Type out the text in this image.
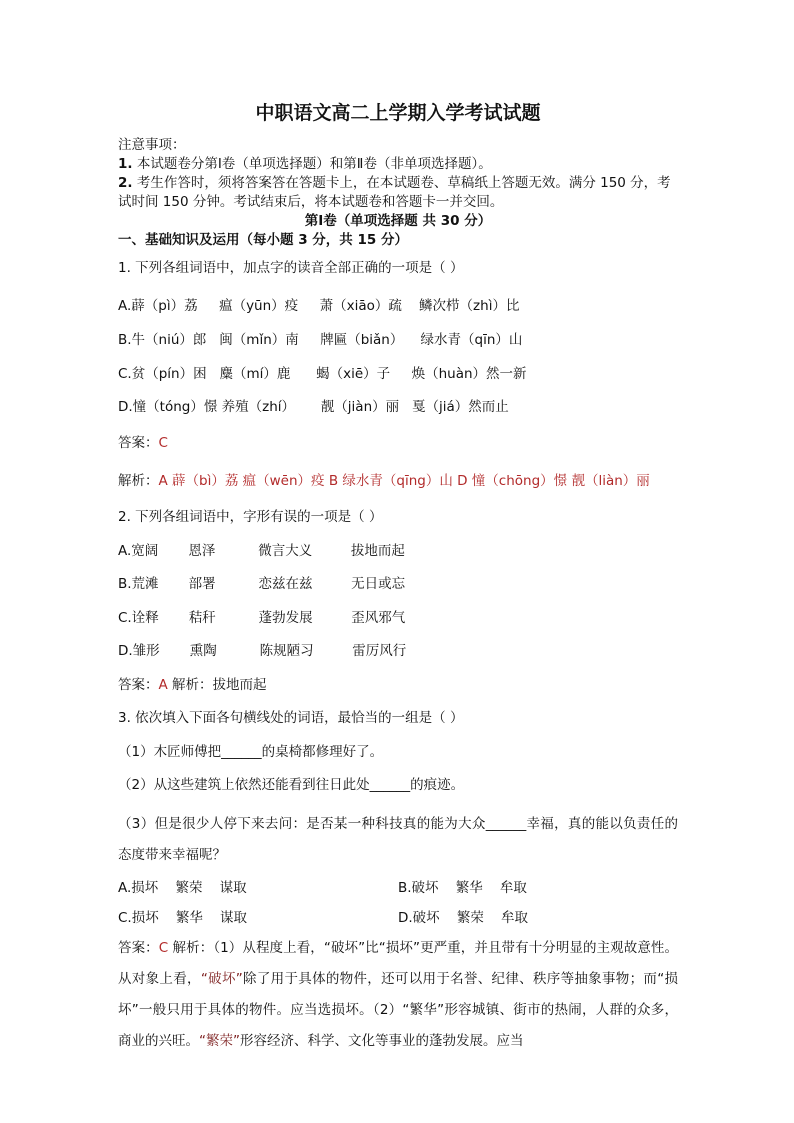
中职语文高二上学期入学考试试题

注意事项：

1. 本试题卷分第Ⅰ卷（单项选择题）和第Ⅱ卷（非单项选择题）。

2. 考生作答时，须将答案答在答题卡上，在本试题卷、草稿纸上答题无效。满分 150 分，考试时间 150 分钟。考试结束后，将本试题卷和答题卡一并交回。

第Ⅰ卷（单项选择题 共 30 分）

一、基础知识及运用（每小题 3 分，共 15 分）

1. 下列各组词语中，加点字的读音全部正确的一项是（ ）

A.薜（pì）荔     瘟（yūn）疫     萧（xiāo）疏    鳞次栉（zhì）比

B.牛（niú）郎   闽（mǐn）南     牌匾（biǎn）    绿水青（qīn）山

C.贫（pín）困   麋（mí）鹿      蝎（xiē）子     焕（huàn）然一新

D.憧（tóng）憬 养殖（zhí）      靓（jiàn）丽   戛（jiá）然而止

答案：C

解析：A 薜（bì）荔 瘟（wēn）疫 B 绿水青（qīng）山 D 憧（chōng）憬 靓（liàn）丽

2. 下列各组词语中，字形有误的一项是（ ）

A.宽阔       恩泽          微言大义         拔地而起

B.荒滩       部署          恋兹在兹         无日或忘

C.诠释       秸秆          蓬勃发展         歪风邪气

D.雏形       熏陶          陈规陋习         雷厉风行

答案：A 解析：拔地而起

3. 依次填入下面各句横线处的词语，最恰当的一组是（ ）

（1）木匠师傅把______的桌椅都修理好了。

（2）从这些建筑上依然还能看到往日此处______的痕迹。

（3）但是很少人停下来去问：是否某一种科技真的能为大众______幸福，真的能以负责任的态度带来幸福呢？

A.损坏    繁荣    谋取	B.破坏    繁华    牟取
C.损坏    繁华    谋取	D.破坏    繁荣    牟取

答案：C 解析：（1）从程度上看，“破坏”比“损坏”更严重，并且带有十分明显的主观故意性。从对象上看，“破坏”除了用于具体的物件，还可以用于名誉、纪律、秩序等抽象事物；而“损坏”一般只用于具体的物件。应当选损坏。（2）“繁华”形容城镇、街市的热闹，人群的众多，商业的兴旺。“繁荣”形容经济、科学、文化等事业的蓬勃发展。应当
